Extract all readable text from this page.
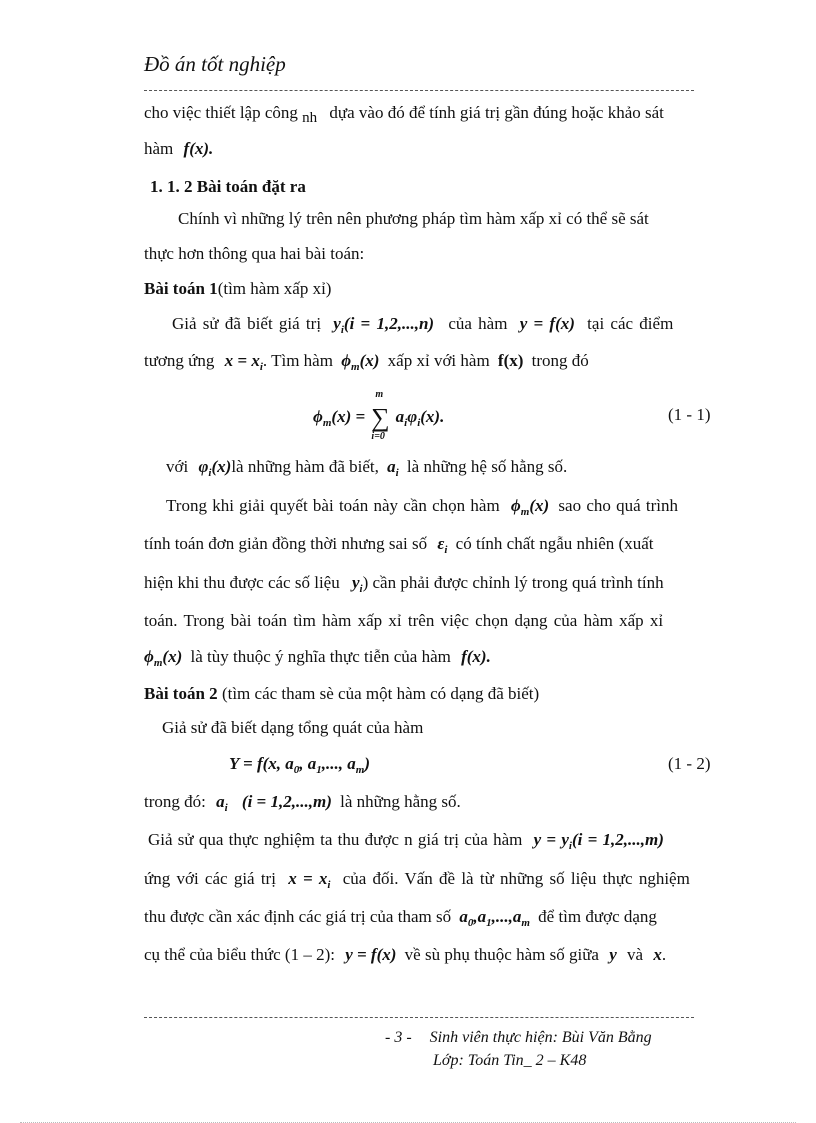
Đồ án tốt nghiệp
cho việc thiết lập công nh dựa vào đó để tính giá trị gần đúng hoặc khảo sát
hàm f(x).
1. 1. 2 Bài toán đặt ra
Chính vì những lý trên nên phương pháp tìm hàm xấp xỉ có thể sẽ sát
thực hơn thông qua hai bài toán:
Bài toán 1(tìm hàm xấp xỉ)
Giả sử đã biết giá trị $y_i(i = 1,2,...,n)$ của hàm y = f(x) tại các điểm
tương ứng $x = x_i$. Tìm hàm $\phi_m(x)$ xấp xỉ với hàm f(x) trong đó
$\phi_m(x)$ =
m
∑
i=0
$a_i\varphi_i(x)$.	(1 - 1)
với $\varphi_i(x)là$ những hàm đã biết, $a_i$ là những hệ số hằng số.
Trong khi giải quyết bài toán này cần chọn hàm $\phi_m(x)$ sao cho quá trình
tính toán đơn giản đồng thời nhưng sai số $\varepsilon_i$ có tính chất ngẫu nhiên (xuất
hiện khi thu được các số liệu $y_i$) cần phải được chỉnh lý trong quá trình tính
toán. Trong bài toán tìm hàm xấp xỉ trên việc chọn dạng của hàm xấp xỉ
$\phi_m(x)$ là tùy thuộc ý nghĩa thực tiễn của hàm f(x).
Bài toán 2 (tìm các tham sè của một hàm có dạng đã biết)
Giả sử đã biết dạng tổng quát của hàm
Y = f(x, $a_0$, $a_1$,..., $a_m$)	(1 - 2)
trong đó: $a_i$ (i = 1,2,...,m) là những hằng số.
Giả sử qua thực nghiệm ta thu được n giá trị của hàm $y = y_i(i = 1,2,...,m)$
ứng với các giá trị $x = x_i$ của đối. Vấn đề là từ những số liệu thực nghiệm
thu được cần xác định các giá trị của tham số $a_0,a_1,...,a_m$ để tìm được dạng
cụ thể của biểu thức (1 – 2): y = f(x) về sù phụ thuộc hàm số giữa y và x.
- 3 - Sinh viên thực hiện: Bùi Văn Bằng
Lớp: Toán Tin_ 2 – K48
